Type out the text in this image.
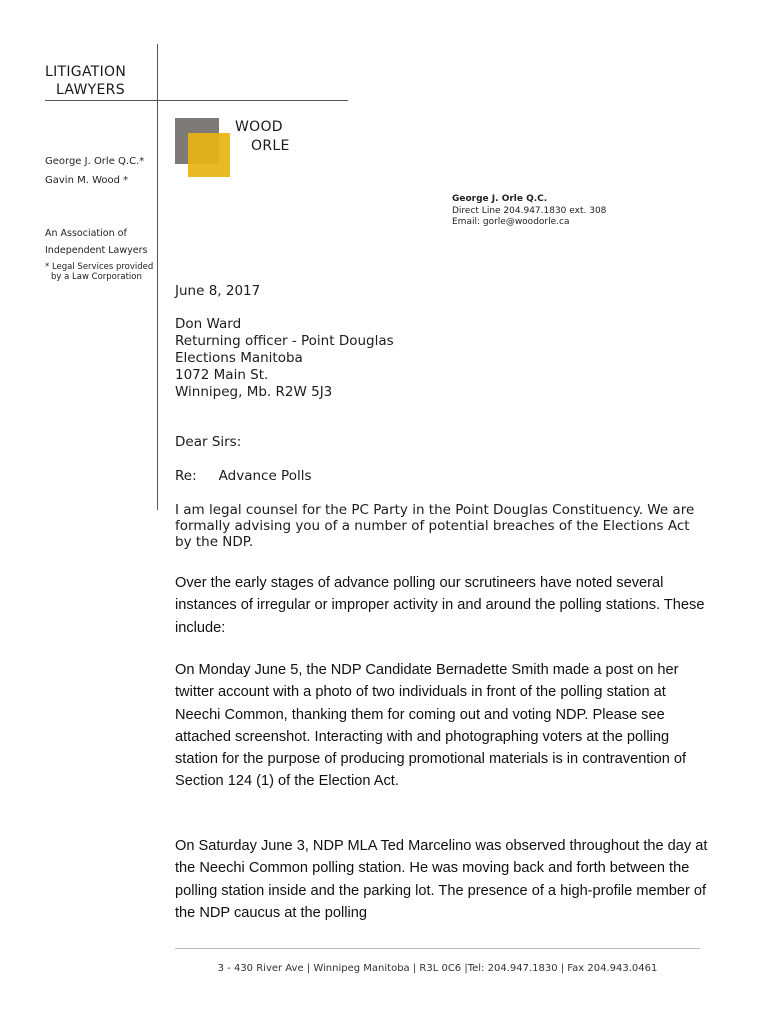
LITIGATION
LAWYERS
George J. Orle Q.C.*
Gavin M. Wood *
An Association of
Independent Lawyers
* Legal Services provided
by a Law Corporation
WOOD
ORLE
George J. Orle Q.C.
Direct Line 204.947.1830 ext. 308
Email: gorle@woodorle.ca
June 8, 2017
Don Ward
Returning officer - Point Douglas
Elections Manitoba
1072 Main St.
Winnipeg, Mb. R2W 5J3
Dear Sirs:
Re: Advance Polls
I am legal counsel for the PC Party in the Point Douglas Constituency. We are formally advising you of a number of potential breaches of the Elections Act by the NDP.
Over the early stages of advance polling our scrutineers have noted several instances of irregular or improper activity in and around the polling stations. These include:
On Monday June 5, the NDP Candidate Bernadette Smith made a post on her twitter account with a photo of two individuals in front of the polling station at Neechi Common, thanking them for coming out and voting NDP. Please see attached screenshot. Interacting with and photographing voters at the polling station for the purpose of producing promotional materials is in contravention of Section 124 (1) of the Election Act.
On Saturday June 3, NDP MLA Ted Marcelino was observed throughout the day at the Neechi Common polling station. He was moving back and forth between the polling station inside and the parking lot. The presence of a high-profile member of the NDP caucus at the polling
3 - 430 River Ave | Winnipeg Manitoba | R3L 0C6 |Tel: 204.947.1830 | Fax 204.943.0461
